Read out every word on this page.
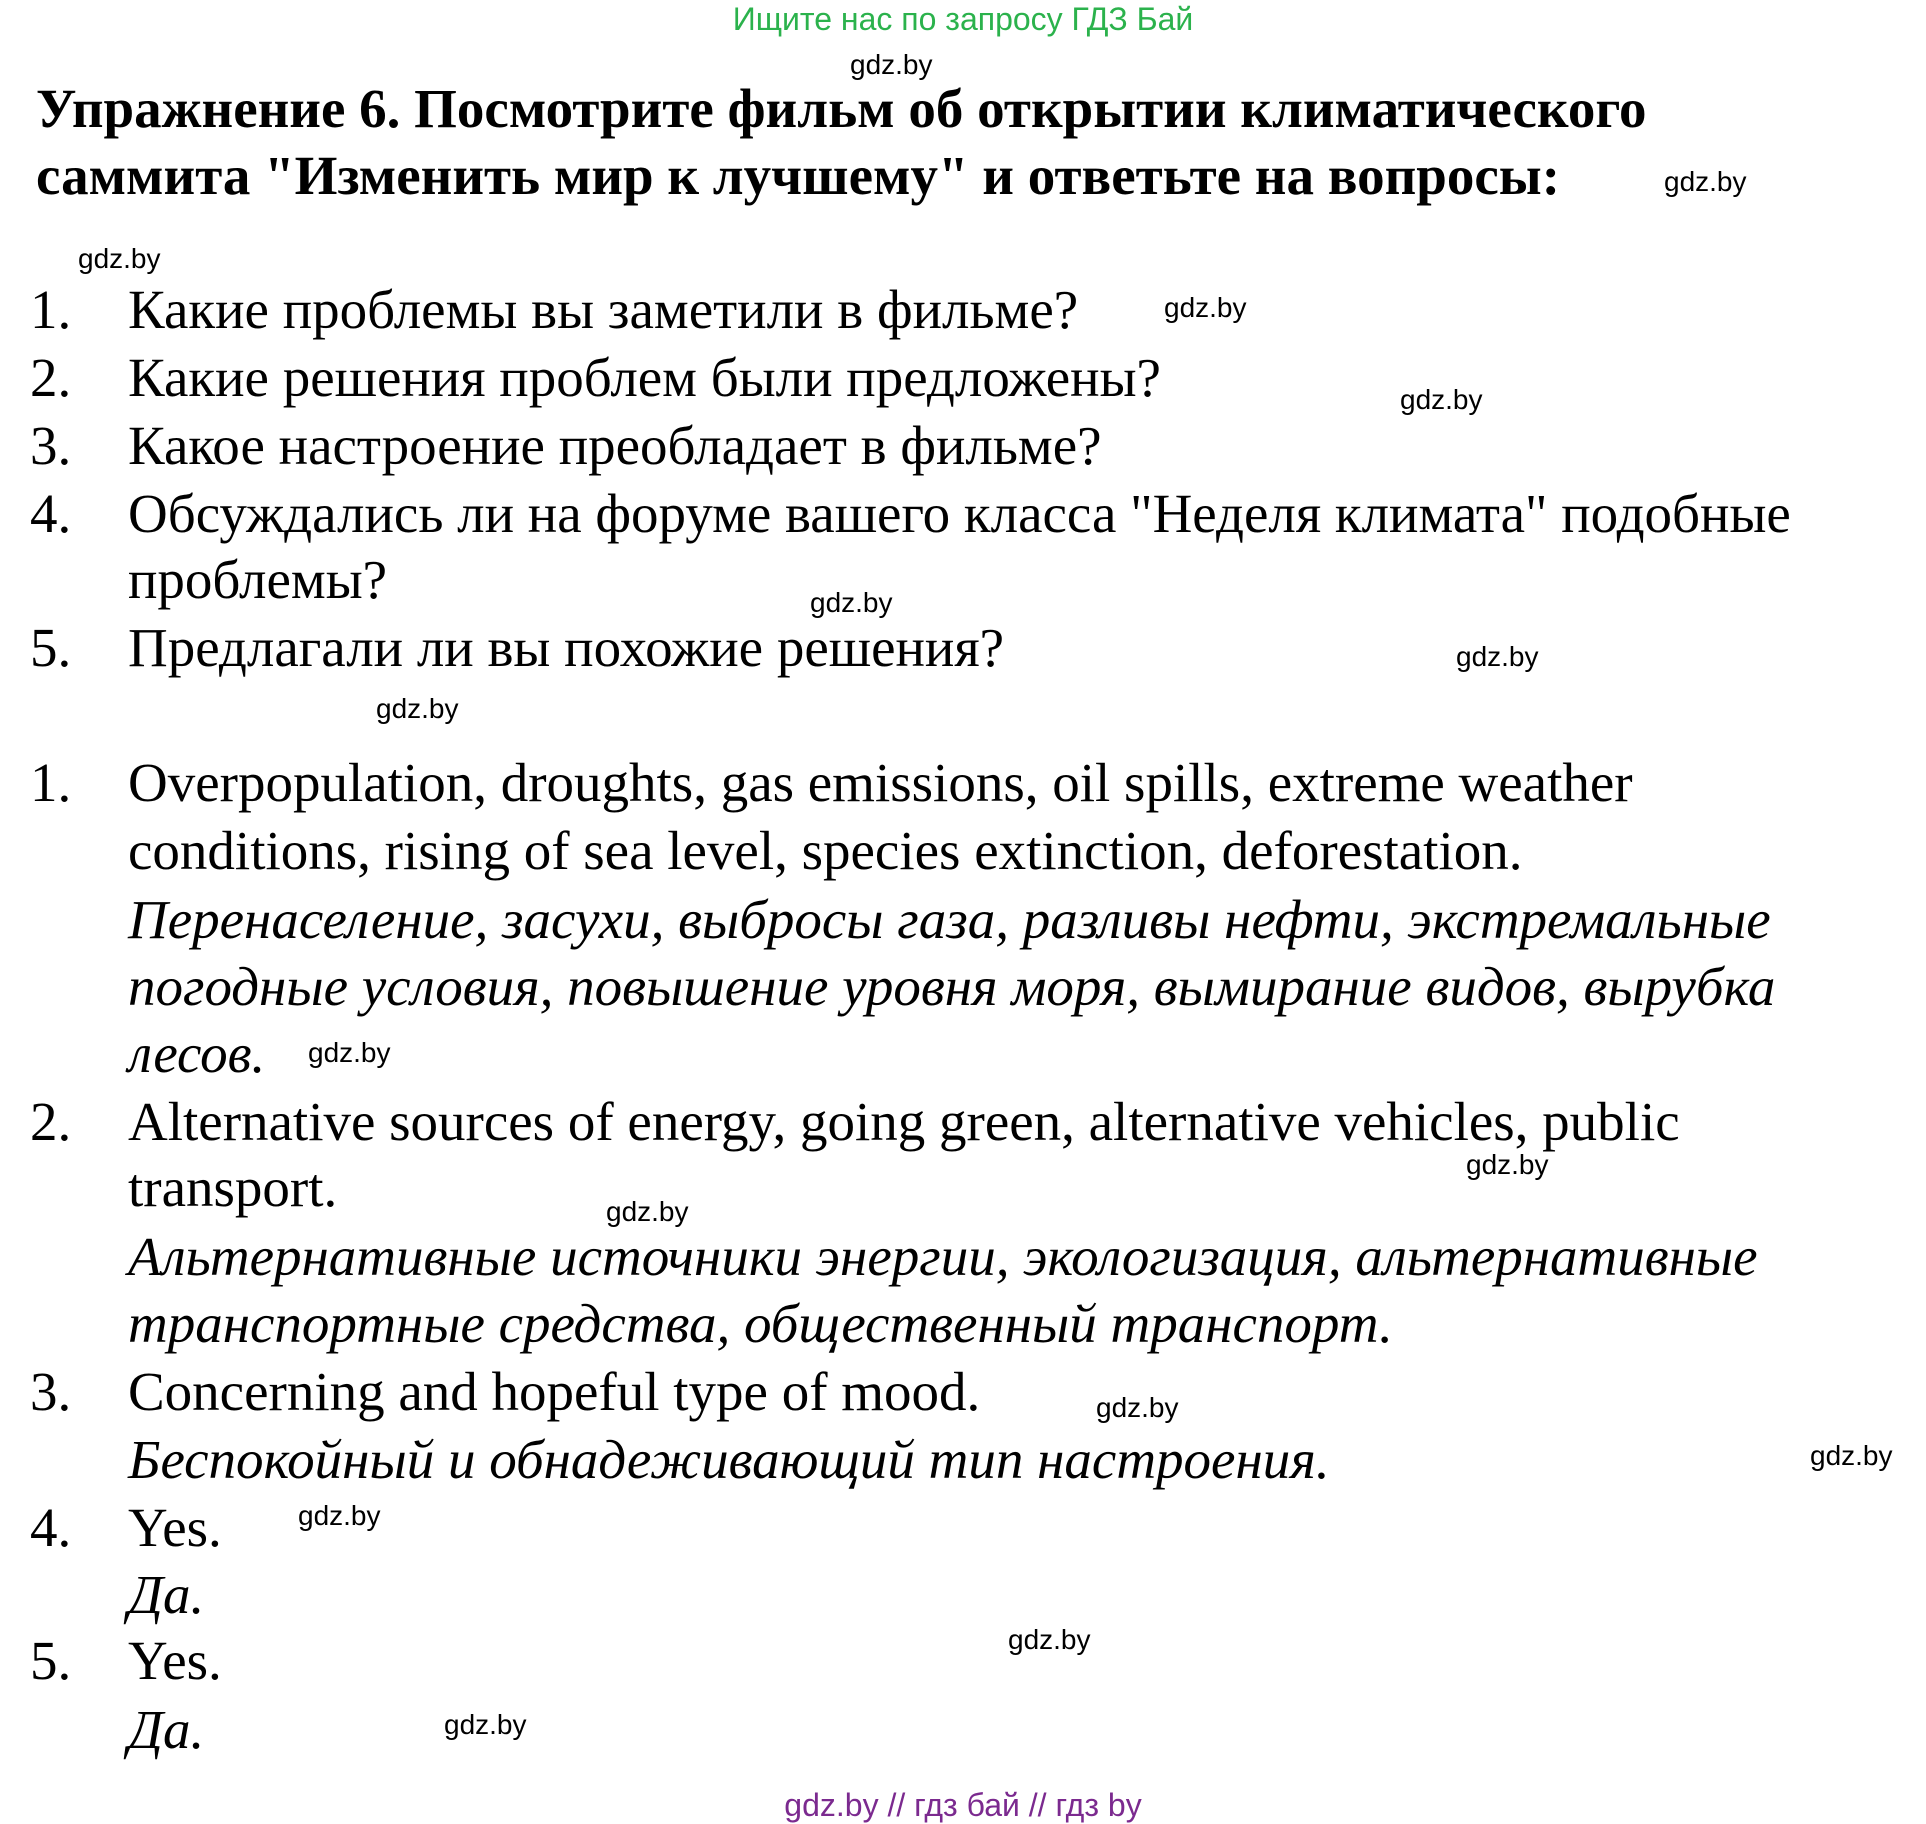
Ищите нас по запросу ГДЗ Бай
gdz.by // гдз бай // гдз by
Упражнение 6. Посмотрите фильм об открытии климатического
саммита "Изменить мир к лучшему" и ответьте на вопросы:
1. Какие проблемы вы заметили в фильме?
2. Какие решения проблем были предложены?
3. Какое настроение преобладает в фильме?
4. Обсуждались ли на форуме вашего класса "Неделя климата" подобные
проблемы?
5. Предлагали ли вы похожие решения?
1. Overpopulation, droughts, gas emissions, oil spills, extreme weather
conditions, rising of sea level, species extinction, deforestation.
Перенаселение, засухи, выбросы газа, разливы нефти, экстремальные
погодные условия, повышение уровня моря, вымирание видов, вырубка
лесов.
2. Alternative sources of energy, going green, alternative vehicles, public
transport.
Альтернативные источники энергии, экологизация, альтернативные
транспортные средства, общественный транспорт.
3. Concerning and hopeful type of mood.
Беспокойный и обнадеживающий тип настроения.
4. Yes.
Да.
5. Yes.
Да.
gdz.by
gdz.by
gdz.by
gdz.by
gdz.by
gdz.by
gdz.by
gdz.by
gdz.by
gdz.by
gdz.by
gdz.by
gdz.by
gdz.by
gdz.by
gdz.by
